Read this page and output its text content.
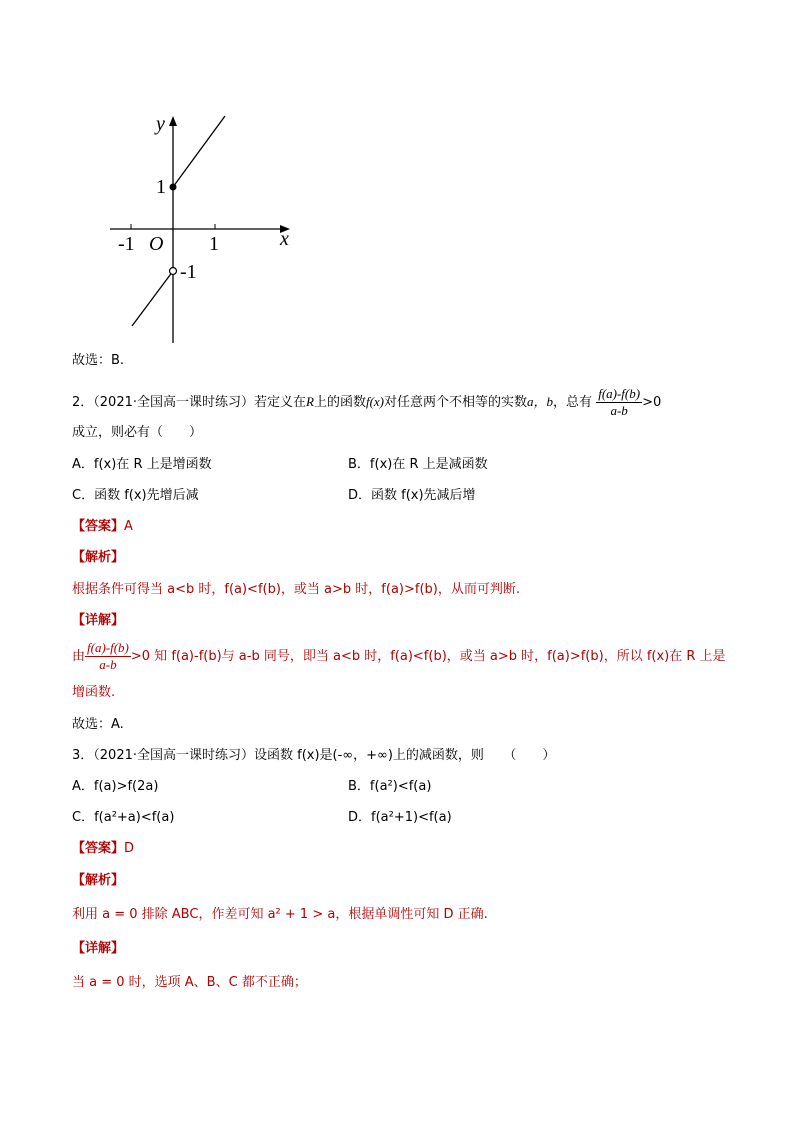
y
x
1
-1 O 1
-1
故选：B.
2．（2021·全国高一课时练习）若定义在R上的函数f(x)对任意两个不相等的实数a，b，总有 $\frac{f(a)-f(b)}{a-b} >0$
成立，则必有（　　）
A．f(x)在 R 上是增函数	B．f(x)在 R 上是减函数
C．函数 f(x)先增后减	D．函数 f(x)先减后增
【答案】A
【解析】
根据条件可得当 a<b 时，f(a)<f(b)，或当 a>b 时，f(a)>f(b)，从而可判断.
【详解】
由 $\frac{f(a)-f(b)}{a-b} >0$ 知 f(a)-f(b)与 a-b 同号，即当 a<b 时，f(a)<f(b)，或当 a>b 时，f(a)>f(b)，所以 f(x)在 R 上是
增函数.
故选：A.
3．（2021·全国高一课时练习）设函数 f(x)是(-∞，+∞)上的减函数，则　　（　　）
A．f(a)>f(2a)	B．f(a²)<f(a)
C．f(a²+a)<f(a)	D．f(a²+1)<f(a)
【答案】D
【解析】
利用 a = 0 排除 ABC，作差可知 a² + 1 > a，根据单调性可知 D 正确.
【详解】
当 a = 0 时，选项 A、B、C 都不正确；
